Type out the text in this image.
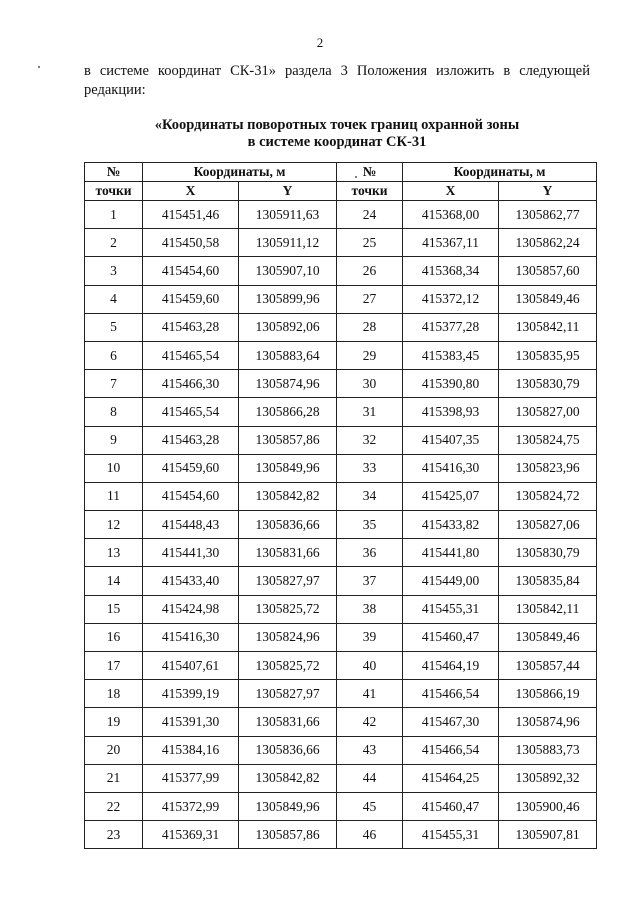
2
в системе координат СК-31» раздела 3 Положения изложить в следующей редакции:
«Координаты поворотных точек границ охранной зоны
в системе координат СК-31
№	Координаты, м		№	Координаты, м	
точки	X	Y	точки	X	Y
1	415451,46	1305911,63	24	415368,00	1305862,77
2	415450,58	1305911,12	25	415367,11	1305862,24
3	415454,60	1305907,10	26	415368,34	1305857,60
4	415459,60	1305899,96	27	415372,12	1305849,46
5	415463,28	1305892,06	28	415377,28	1305842,11
6	415465,54	1305883,64	29	415383,45	1305835,95
7	415466,30	1305874,96	30	415390,80	1305830,79
8	415465,54	1305866,28	31	415398,93	1305827,00
9	415463,28	1305857,86	32	415407,35	1305824,75
10	415459,60	1305849,96	33	415416,30	1305823,96
11	415454,60	1305842,82	34	415425,07	1305824,72
12	415448,43	1305836,66	35	415433,82	1305827,06
13	415441,30	1305831,66	36	415441,80	1305830,79
14	415433,40	1305827,97	37	415449,00	1305835,84
15	415424,98	1305825,72	38	415455,31	1305842,11
16	415416,30	1305824,96	39	415460,47	1305849,46
17	415407,61	1305825,72	40	415464,19	1305857,44
18	415399,19	1305827,97	41	415466,54	1305866,19
19	415391,30	1305831,66	42	415467,30	1305874,96
20	415384,16	1305836,66	43	415466,54	1305883,73
21	415377,99	1305842,82	44	415464,25	1305892,32
22	415372,99	1305849,96	45	415460,47	1305900,46
23	415369,31	1305857,86	46	415455,31	1305907,81
